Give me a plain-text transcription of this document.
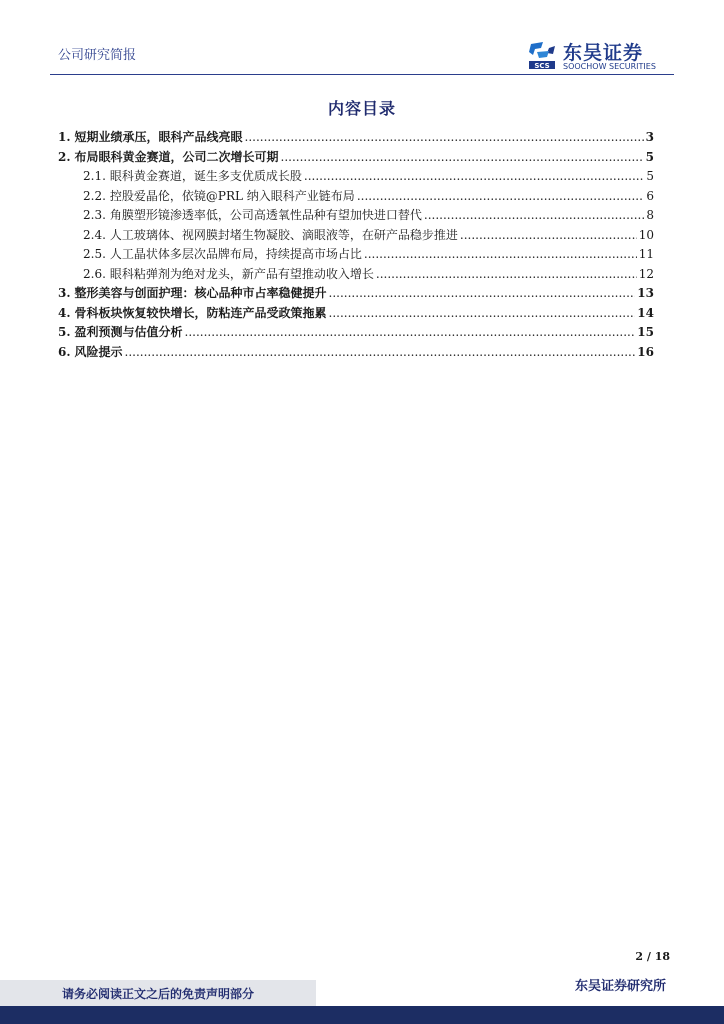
公司研究简报
SCS
东吴证券
SOOCHOW SECURITIES
内容目录
1. 短期业绩承压，眼科产品线亮眼 .....	3
2. 布局眼科黄金赛道，公司二次增长可期 .....	5
2.1. 眼科黄金赛道，诞生多支优质成长股 .....	5
2.2. 控股爱晶伦，依镜@PRL 纳入眼科产业链布局 .....	6
2.3. 角膜塑形镜渗透率低，公司高透氧性品种有望加快进口替代 .....	8
2.4. 人工玻璃体、视网膜封堵生物凝胶、滴眼液等，在研产品稳步推进 .....	10
2.5. 人工晶状体多层次品牌布局，持续提高市场占比 .....	11
2.6. 眼科粘弹剂为绝对龙头，新产品有望推动收入增长 .....	12
3. 整形美容与创面护理：核心品种市占率稳健提升 .....	13
4. 骨科板块恢复较快增长，防粘连产品受政策拖累 .....	14
5. 盈利预测与估值分析 .....	15
6. 风险提示 .....	16
2 / 18
请务必阅读正文之后的免责声明部分	东吴证券研究所
